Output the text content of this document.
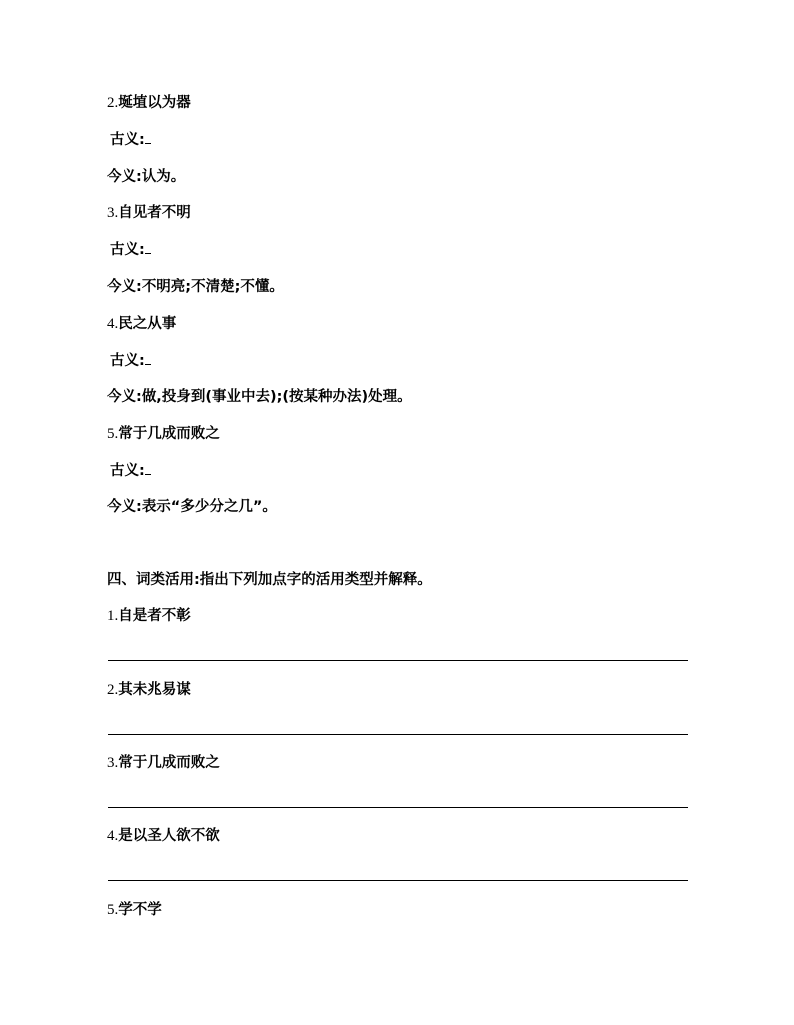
2.埏埴以为器
古义:
今义:认为。
3.自见者不明
古义:
今义:不明亮;不清楚;不懂。
4.民之从事
古义:
今义:做,投身到(事业中去);(按某种办法)处理。
5.常于几成而败之
古义:
今义:表示“多少分之几”。
四、词类活用:指出下列加点字的活用类型并解释。
1.自是者不彰
2.其未兆易谋
3.常于几成而败之
4.是以圣人欲不欲
5.学不学
